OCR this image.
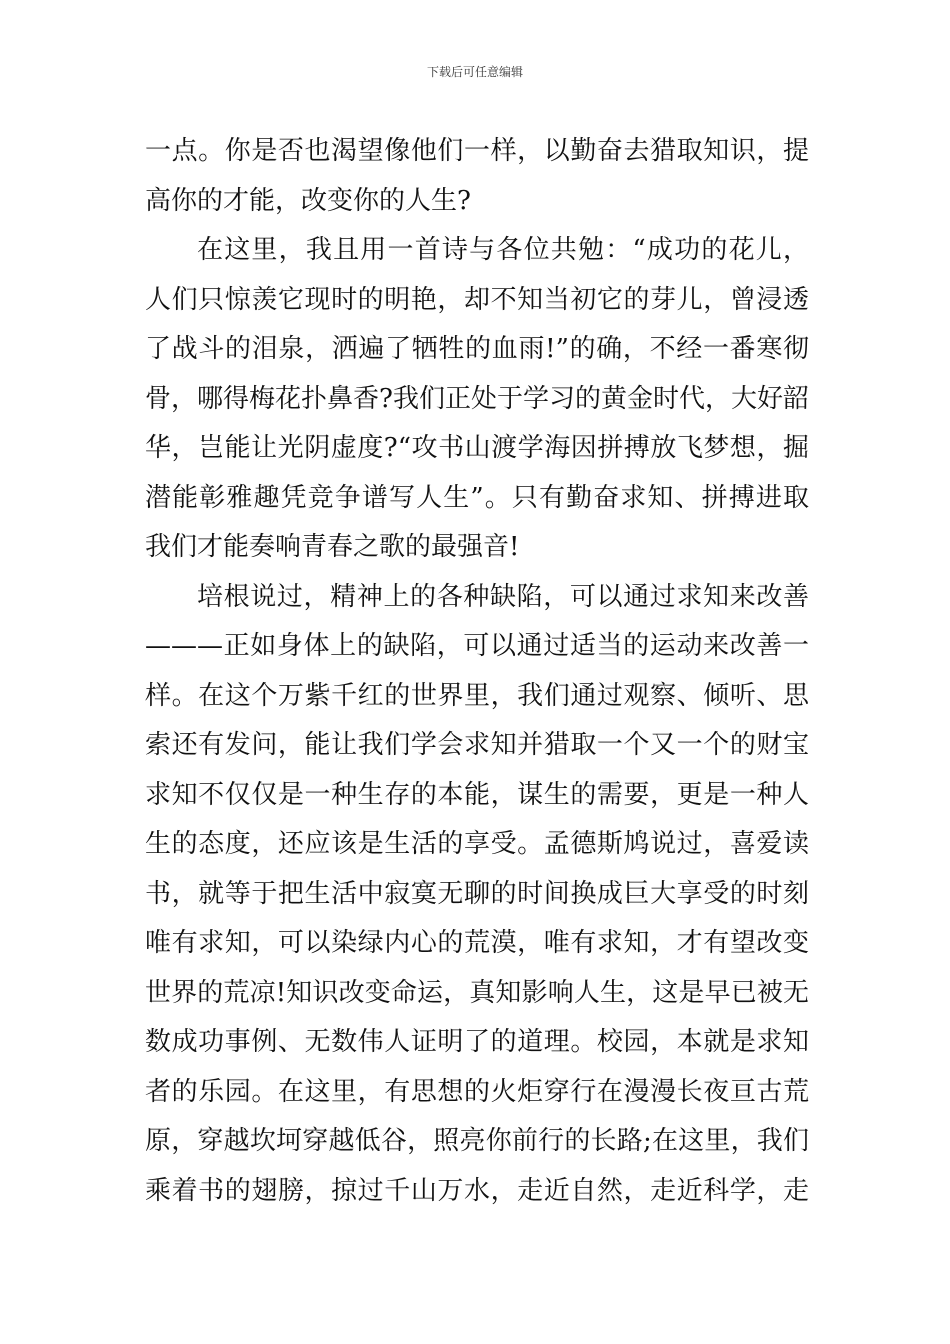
下载后可任意编辑
一点。你是否也渴望像他们一样，以勤奋去猎取知识，提
高你的才能，改变你的人生?
在这里，我且用一首诗与各位共勉：“成功的花儿，
人们只惊羡它现时的明艳，却不知当初它的芽儿，曾浸透
了战斗的泪泉，洒遍了牺牲的血雨!”的确，不经一番寒彻
骨，哪得梅花扑鼻香?我们正处于学习的黄金时代，大好韶
华，岂能让光阴虚度?“攻书山渡学海因拼搏放飞梦想，掘
潜能彰雅趣凭竞争谱写人生”。只有勤奋求知、拼搏进取
我们才能奏响青春之歌的最强音!
培根说过，精神上的各种缺陷，可以通过求知来改善
———正如身体上的缺陷，可以通过适当的运动来改善一
样。在这个万紫千红的世界里，我们通过观察、倾听、思
索还有发问，能让我们学会求知并猎取一个又一个的财宝
求知不仅仅是一种生存的本能，谋生的需要，更是一种人
生的态度，还应该是生活的享受。孟德斯鸠说过，喜爱读
书，就等于把生活中寂寞无聊的时间换成巨大享受的时刻
唯有求知，可以染绿内心的荒漠，唯有求知，才有望改变
世界的荒凉!知识改变命运，真知影响人生，这是早已被无
数成功事例、无数伟人证明了的道理。校园，本就是求知
者的乐园。在这里，有思想的火炬穿行在漫漫长夜亘古荒
原，穿越坎坷穿越低谷，照亮你前行的长路;在这里，我们
乘着书的翅膀，掠过千山万水，走近自然，走近科学，走
